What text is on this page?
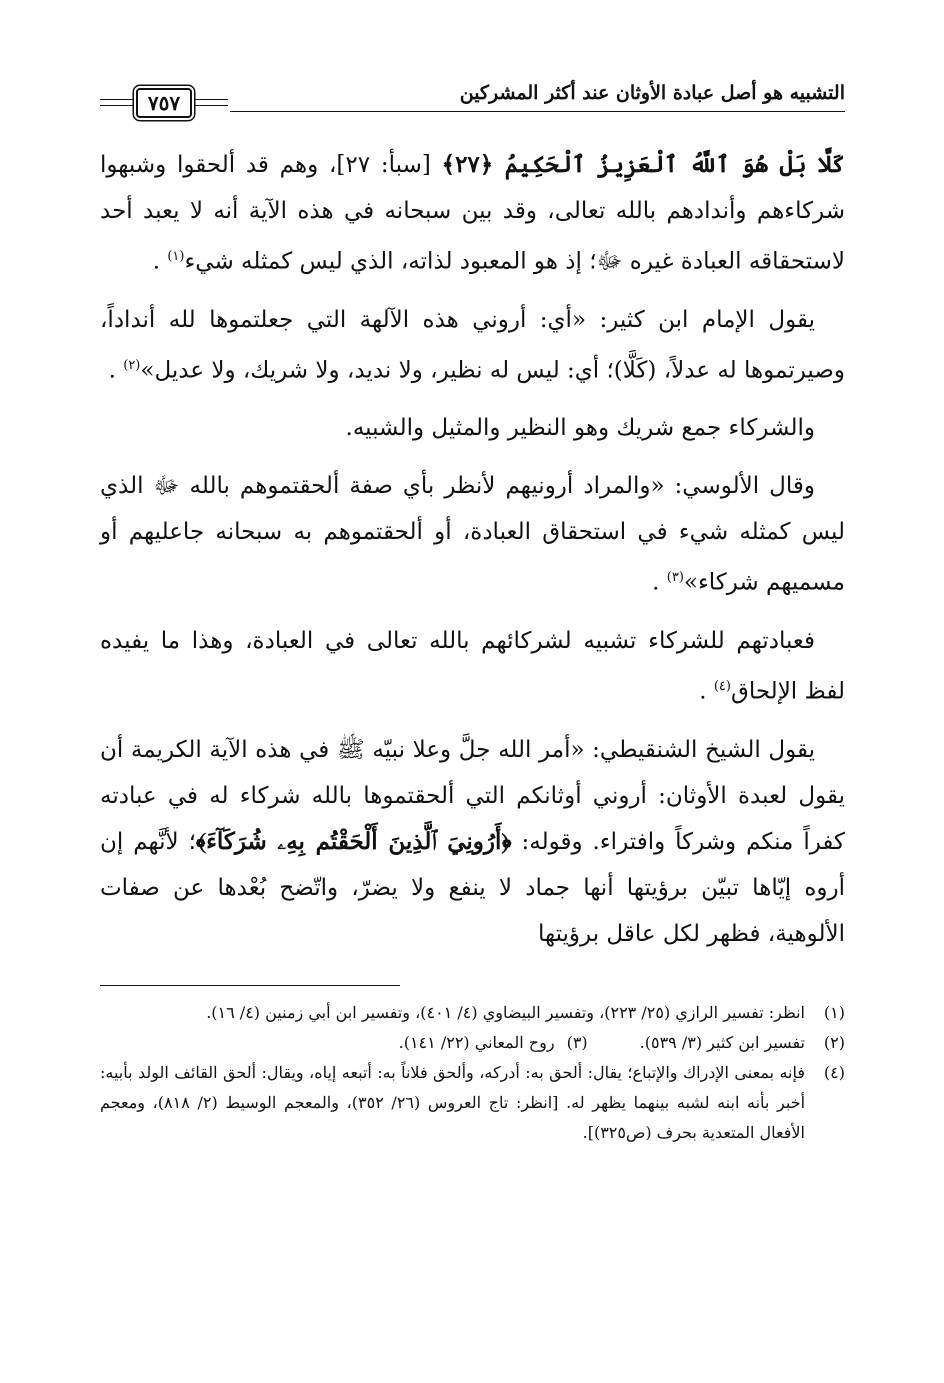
التشبيه هو أصل عبادة الأوثان عند أكثر المشركين
٧٥٧

كَلَّا بَلْ هُوَ ٱللَّهُ ٱلْعَزِيزُ ٱلْحَكِيمُ ﴿٢٧﴾ [سبأ: ٢٧]، وهم قد ألحقوا وشبهوا شركاءهم وأندادهم بالله تعالى، وقد بين سبحانه في هذه الآية أنه لا يعبد أحد لاستحقاقه العبادة غيره ﷻ؛ إذ هو المعبود لذاته، الذي ليس كمثله شيء$^{(١)}$ .

يقول الإمام ابن كثير: «أي: أروني هذه الآلهة التي جعلتموها لله أنداداً، وصيرتموها له عدلاً، (كَلَّا)؛ أي: ليس له نظير، ولا نديد، ولا شريك، ولا عديل»$^{(٢)}$ .

والشركاء جمع شريك وهو النظير والمثيل والشبيه.

وقال الألوسي: «والمراد أرونيهم لأنظر بأي صفة ألحقتموهم بالله ﷻ الذي ليس كمثله شيء في استحقاق العبادة، أو ألحقتموهم به سبحانه جاعليهم أو مسميهم شركاء»$^{(٣)}$ .

فعبادتهم للشركاء تشبيه لشركائهم بالله تعالى في العبادة، وهذا ما يفيده لفظ الإلحاق$^{(٤)}$ .

يقول الشيخ الشنقيطي: «أمر الله جلَّ وعلا نبيّه ﷺ في هذه الآية الكريمة أن يقول لعبدة الأوثان: أروني أوثانكم التي ألحقتموها بالله شركاء له في عبادته كفراً منكم وشركاً وافتراء. وقوله: ﴿أَرُونِيَ ٱلَّذِينَ أَلْحَقْتُم بِهِۦ شُرَكَآءَ﴾؛ لأنَّهم إن أروه إيّاها تبيّن برؤيتها أنها جماد لا ينفع ولا يضرّ، واتّضح بُعْدها عن صفات الألوهية، فظهر لكل عاقل برؤيتها

(١)
انظر: تفسير الرازي (٢٥/ ٢٢٣)، وتفسير البيضاوي (٤/ ٤٠١)، وتفسير ابن أبي زمنين (٤/ ١٦).
(٢)
تفسير ابن كثير (٣/ ٥٣٩).
(٣)
روح المعاني (٢٢/ ١٤١).
(٤)
فإنه بمعنى الإدراك والإتباع؛ يقال: ألحق به: أدركه، وألحق فلاناً به: أتبعه إياه، ويقال: ألحق القائف الولد بأبيه: أخبر بأنه ابنه لشبه بينهما يظهر له. [انظر: تاج العروس (٢٦/ ٣٥٢)، والمعجم الوسيط (٢/ ٨١٨)، ومعجم الأفعال المتعدية بحرف (ص٣٢٥)].
